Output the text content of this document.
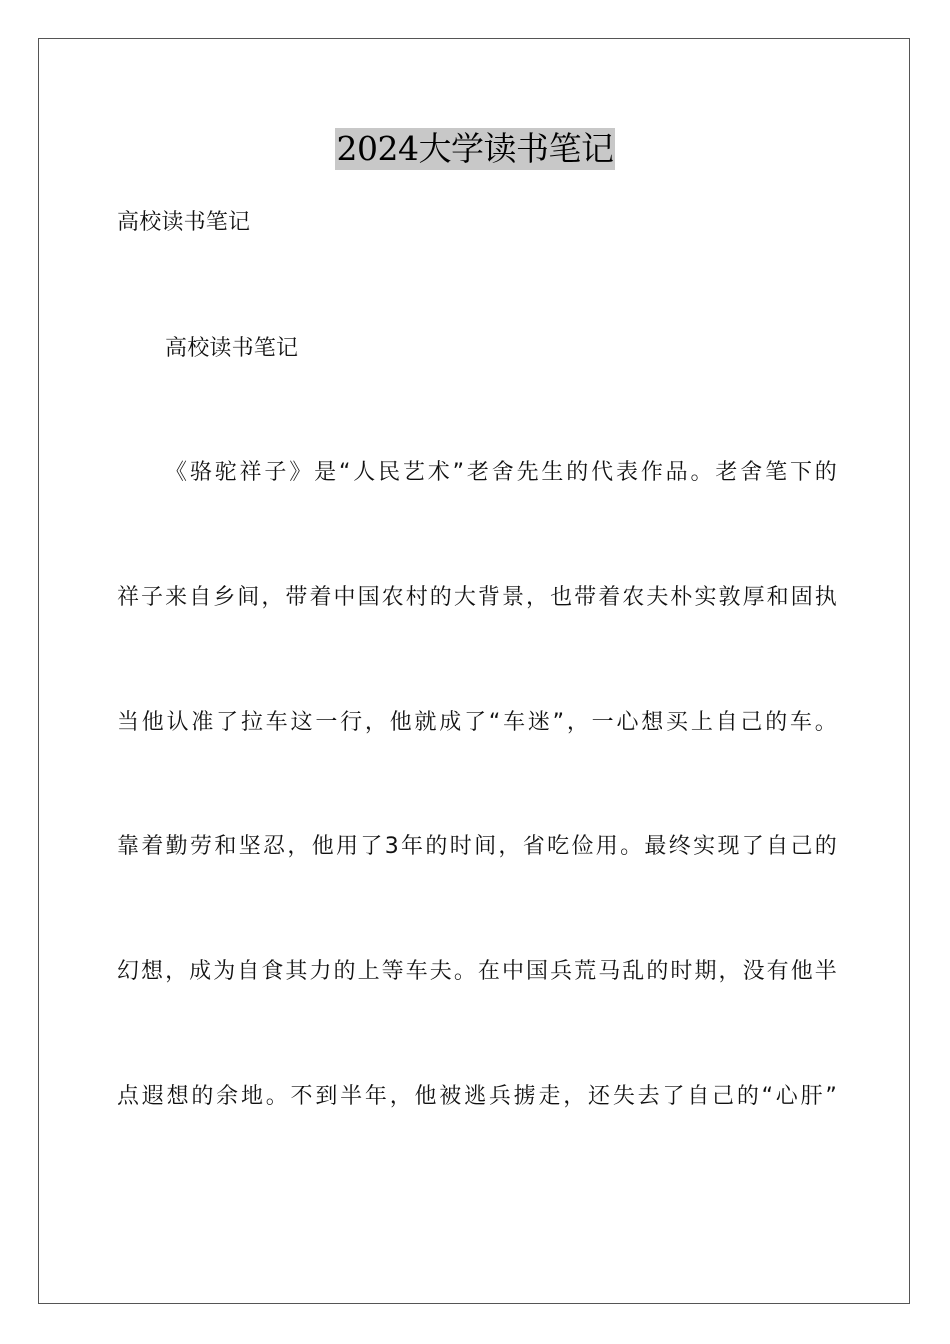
2024大学读书笔记
高校读书笔记
高校读书笔记
《骆驼祥子》是“人民艺术”老舍先生的代表作品。老舍笔下的
祥子来自乡间，带着中国农村的大背景，也带着农夫朴实敦厚和固执
当他认准了拉车这一行，他就成了“车迷”，一心想买上自己的车。
靠着勤劳和坚忍，他用了3年的时间，省吃俭用。最终实现了自己的
幻想，成为自食其力的上等车夫。在中国兵荒马乱的时期，没有他半
点遐想的余地。不到半年，他被逃兵掳走，还失去了自己的“心肝”
